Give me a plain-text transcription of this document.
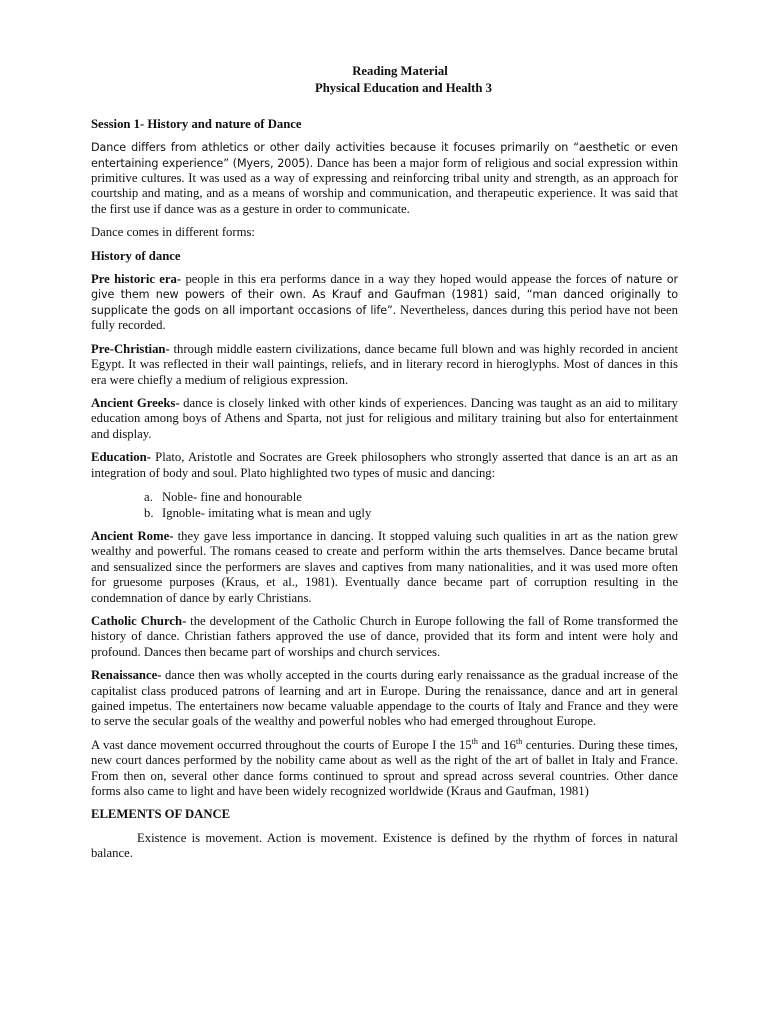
Reading Material
Physical Education and Health 3
Session 1- History and nature of Dance

Dance differs from athletics or other daily activities because it focuses primarily on “aesthetic or even entertaining experience” (Myers, 2005). Dance has been a major form of religious and social expression within primitive cultures. It was used as a way of expressing and reinforcing tribal unity and strength, as an approach for courtship and mating, and as a means of worship and communication, and therapeutic experience. It was said that the first use if dance was as a gesture in order to communicate.

Dance comes in different forms:

History of dance

Pre historic era- people in this era performs dance in a way they hoped would appease the forces of nature or give them new powers of their own. As Krauf and Gaufman (1981) said, “man danced originally to supplicate the gods on all important occasions of life”. Nevertheless, dances during this period have not been fully recorded.

Pre-Christian- through middle eastern civilizations, dance became full blown and was highly recorded in ancient Egypt. It was reflected in their wall paintings, reliefs, and in literary record in hieroglyphs. Most of dances in this era were chiefly a medium of religious expression.

Ancient Greeks- dance is closely linked with other kinds of experiences. Dancing was taught as an aid to military education among boys of Athens and Sparta, not just for religious and military training but also for entertainment and display.

Education- Plato, Aristotle and Socrates are Greek philosophers who strongly asserted that dance is an art as an integration of body and soul. Plato highlighted two types of music and dancing:

a. Noble- fine and honourable
b. Ignoble- imitating what is mean and ugly

Ancient Rome- they gave less importance in dancing. It stopped valuing such qualities in art as the nation grew wealthy and powerful. The romans ceased to create and perform within the arts themselves. Dance became brutal and sensualized since the performers are slaves and captives from many nationalities, and it was used more often for gruesome purposes (Kraus, et al., 1981). Eventually dance became part of corruption resulting in the condemnation of dance by early Christians.

Catholic Church- the development of the Catholic Church in Europe following the fall of Rome transformed the history of dance. Christian fathers approved the use of dance, provided that its form and intent were holy and profound. Dances then became part of worships and church services.

Renaissance- dance then was wholly accepted in the courts during early renaissance as the gradual increase of the capitalist class produced patrons of learning and art in Europe. During the renaissance, dance and art in general gained impetus. The entertainers now became valuable appendage to the courts of Italy and France and they were to serve the secular goals of the wealthy and powerful nobles who had emerged throughout Europe.

A vast dance movement occurred throughout the courts of Europe I the 15th and 16th centuries. During these times, new court dances performed by the nobility came about as well as the right of the art of ballet in Italy and France. From then on, several other dance forms continued to sprout and spread across several countries. Other dance forms also came to light and have been widely recognized worldwide (Kraus and Gaufman, 1981)

ELEMENTS OF DANCE

Existence is movement. Action is movement. Existence is defined by the rhythm of forces in natural balance.
